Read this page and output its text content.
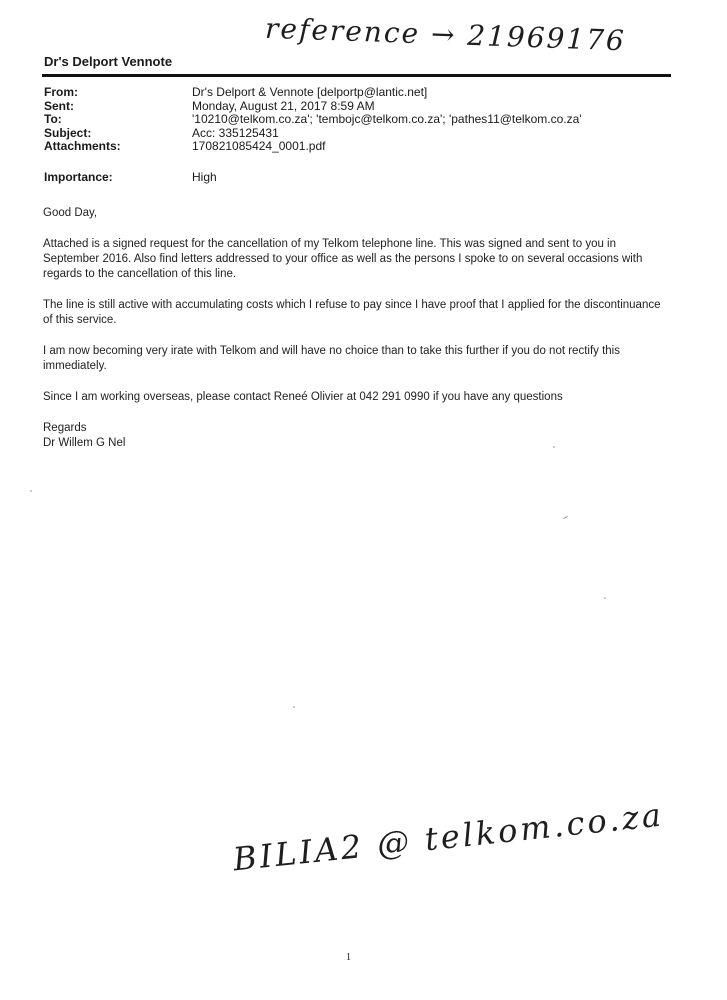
reference → 21969176
Dr's Delport Vennote
From:	Dr's Delport & Vennote [delportp@lantic.net]
Sent:	Monday, August 21, 2017 8:59 AM
To:	'10210@telkom.co.za'; 'tembojc@telkom.co.za'; 'pathes11@telkom.co.za'
Subject:	Acc: 335125431
Attachments:	170821085424_0001.pdf
Importance:	High

Good Day,

Attached is a signed request for the cancellation of my Telkom telephone line. This was signed and sent to you in September 2016. Also find letters addressed to your office as well as the persons I spoke to on several occasions with regards to the cancellation of this line.

The line is still active with accumulating costs which I refuse to pay since I have proof that I applied for the discontinuance of this service.

I am now becoming very irate with Telkom and will have no choice than to take this further if you do not rectify this immediately.

Since I am working overseas, please contact Reneé Olivier at 042 291 0990 if you have any questions

Regards

Dr Willem G Nel

BILIA2 @ telkom.co.za
1
